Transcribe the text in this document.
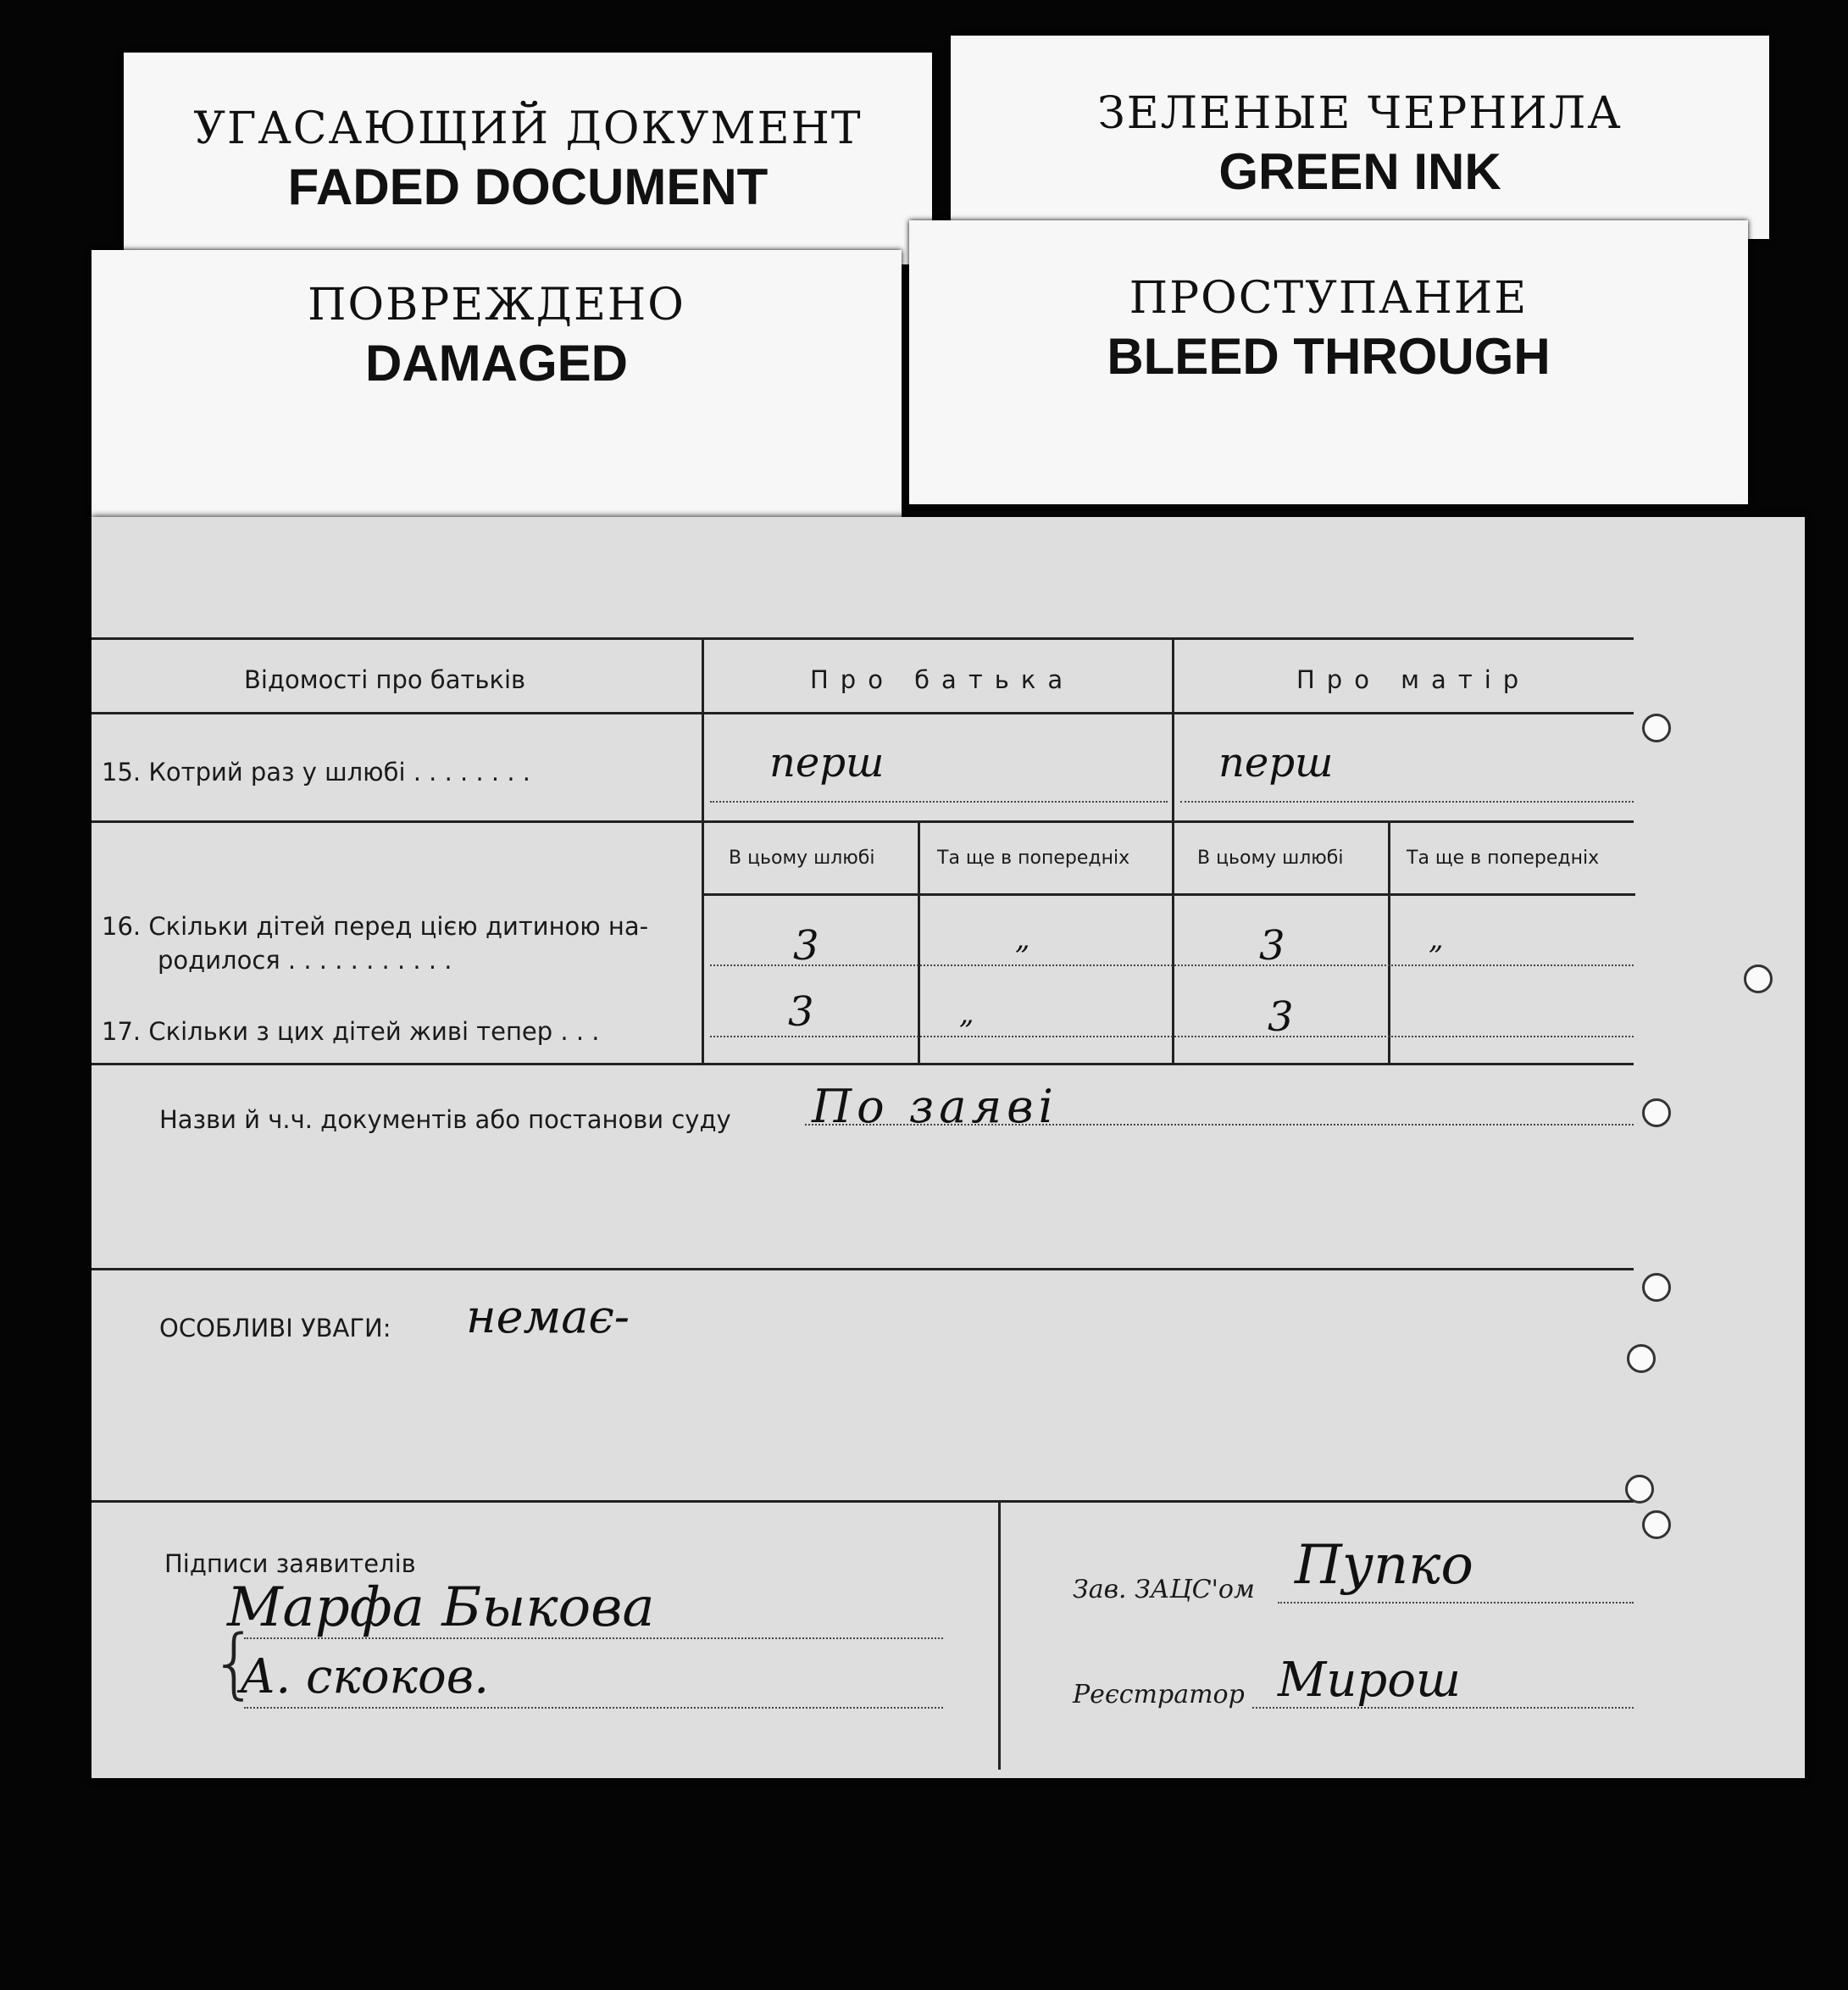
УГАСАЮЩИЙ ДОКУМЕНТ
FADED DOCUMENT
ЗЕЛЕНЫЕ ЧЕРНИЛА
GREEN INK
ПОВРЕЖДЕНО
DAMAGED
ПРОСТУПАНИЕ
BLEED THROUGH
Відомості про батьків	Про батька	Про матір
15. Котрий раз у шлюбі . . . . . . . .	перш	перш
В цьому шлюбі	Та ще в попередніх	В цьому шлюбі	Та ще в попередніх
16. Скільки дітей перед цією дитиною на-
родилося . . . . . . . . . . .	3	„	3	„
17. Скільки з цих дітей живі тепер . . .	3	„	3
Назви й ч.ч. документів або постанови суду По заяві
ОСОБЛИВІ УВАГИ: немає-
Підписи заявителів
Марфа Быкова
{
А. скоков.
Зав. ЗАЦС'ом Пупко
Реєстратор Мирош
